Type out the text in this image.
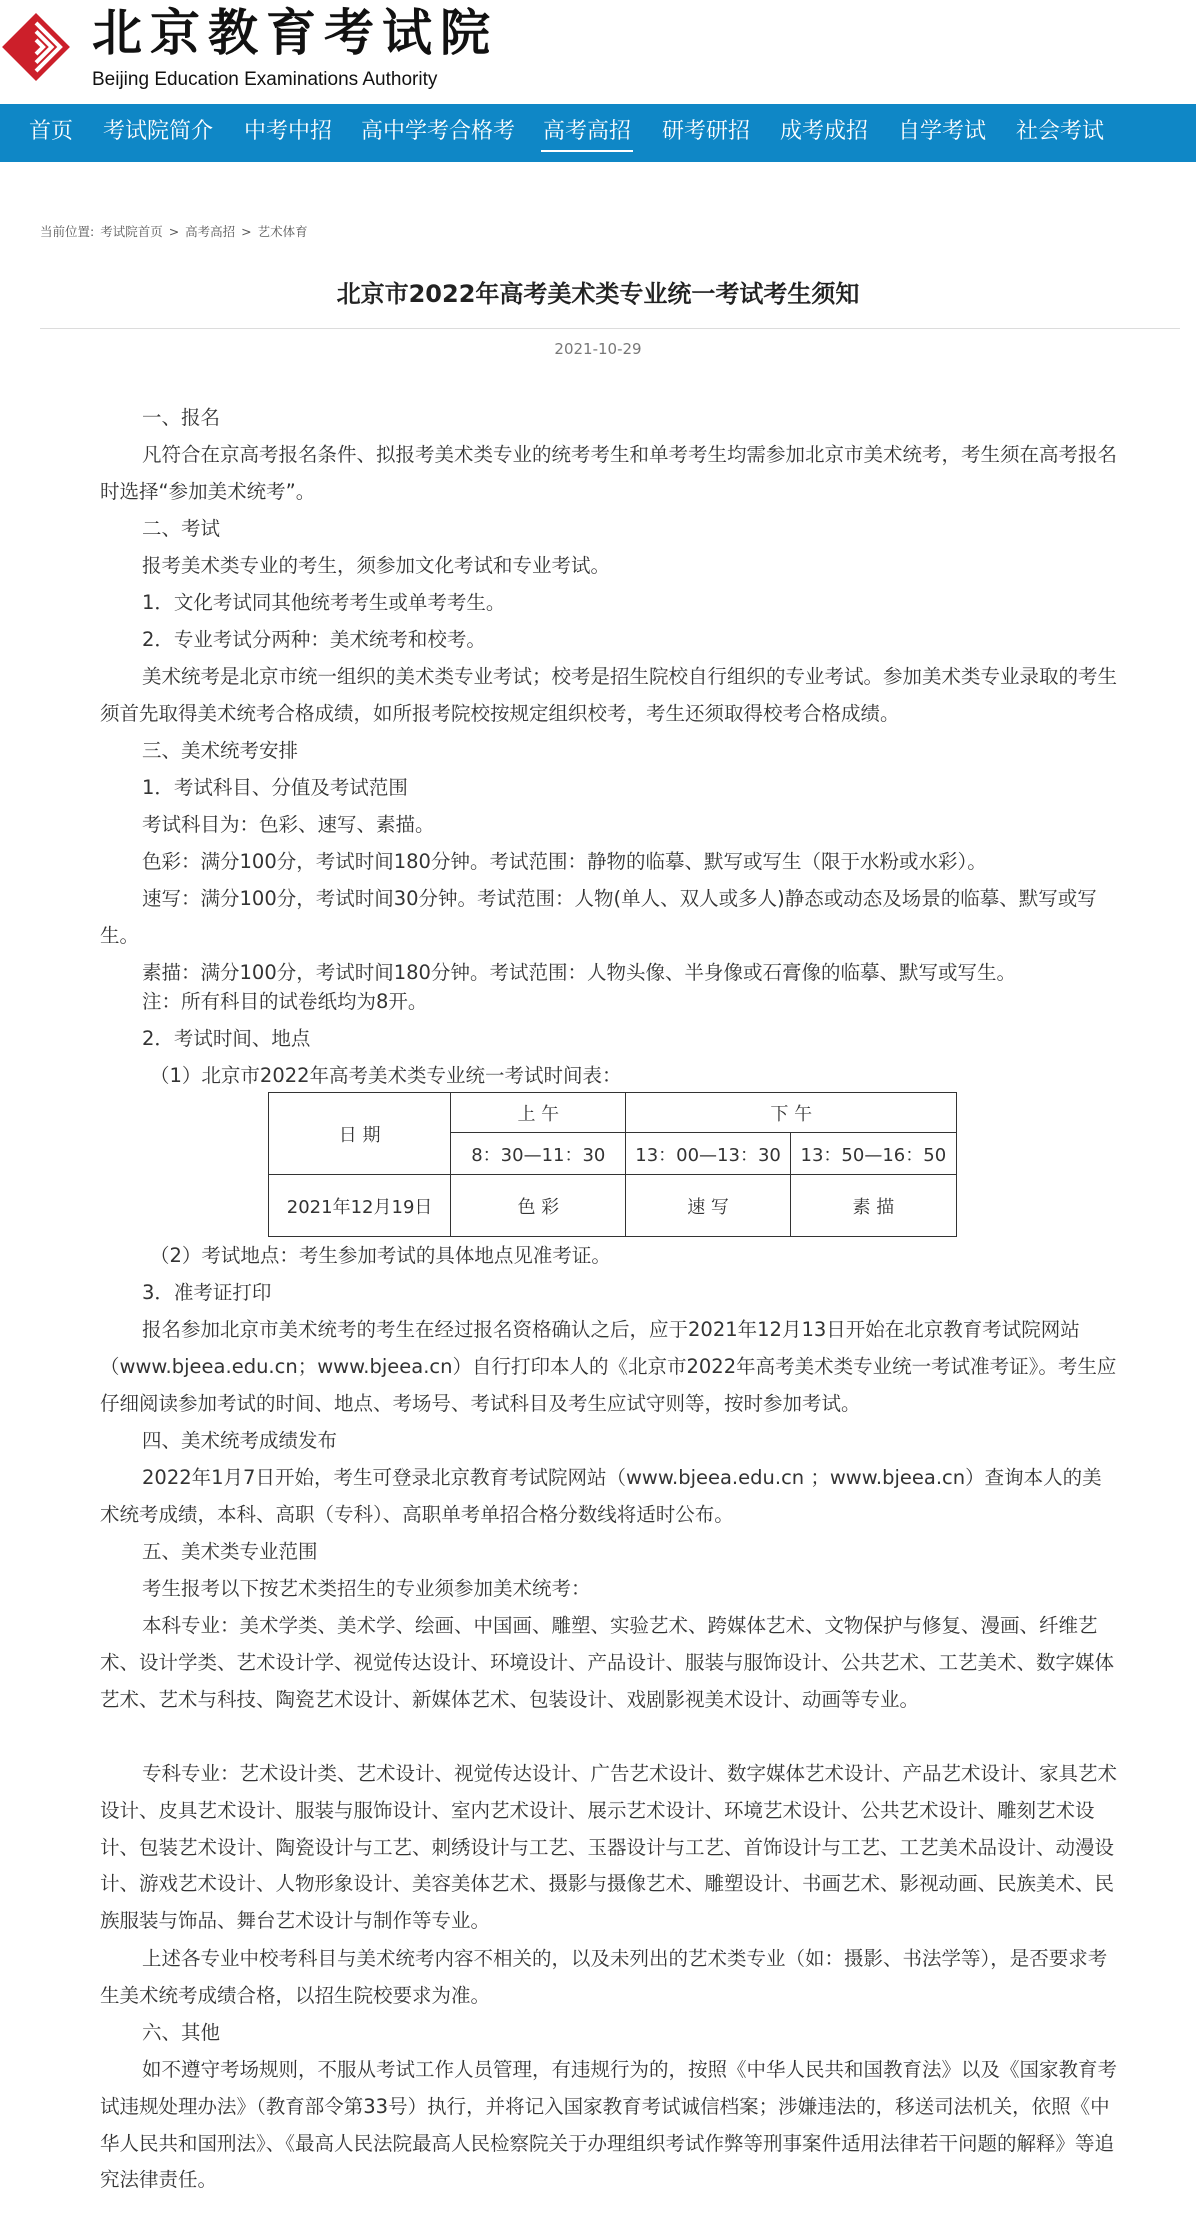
北京教育考试院
Beijing Education Examinations Authority
首页 考试院简介 中考中招 高中学考合格考 高考高招 研考研招 成考成招 自学考试 社会考试
当前位置: 考试院首页 > 高考高招 > 艺术体育
北京市2022年高考美术类专业统一考试考生须知
2021-10-29
一、报名
凡符合在京高考报名条件、拟报考美术类专业的统考考生和单考考生均需参加北京市美术统考，考生须在高考报名时选择“参加美术统考”。
二、考试
报考美术类专业的考生，须参加文化考试和专业考试。
1．文化考试同其他统考考生或单考考生。
2．专业考试分两种：美术统考和校考。
美术统考是北京市统一组织的美术类专业考试；校考是招生院校自行组织的专业考试。参加美术类专业录取的考生须首先取得美术统考合格成绩，如所报考院校按规定组织校考，考生还须取得校考合格成绩。
三、美术统考安排
1．考试科目、分值及考试范围
考试科目为：色彩、速写、素描。
色彩：满分100分，考试时间180分钟。考试范围：静物的临摹、默写或写生（限于水粉或水彩）。
速写：满分100分，考试时间30分钟。考试范围：人物(单人、双人或多人)静态或动态及场景的临摹、默写或写生。
素描：满分100分，考试时间180分钟。考试范围：人物头像、半身像或石膏像的临摹、默写或写生。
注：所有科目的试卷纸均为8开。
2．考试时间、地点
（1）北京市2022年高考美术类专业统一考试时间表：
日 期	上 午	下 午	
	8：30—11：30	13：00—13：30	13：50—16：50
2021年12月19日	色 彩	速 写	素 描
（2）考试地点：考生参加考试的具体地点见准考证。
3．准考证打印
报名参加北京市美术统考的考生在经过报名资格确认之后，应于2021年12月13日开始在北京教育考试院网站（www.bjeea.edu.cn；www.bjeea.cn）自行打印本人的《北京市2022年高考美术类专业统一考试准考证》。考生应仔细阅读参加考试的时间、地点、考场号、考试科目及考生应试守则等，按时参加考试。
四、美术统考成绩发布
2022年1月7日开始，考生可登录北京教育考试院网站（www.bjeea.edu.cn ；www.bjeea.cn）查询本人的美术统考成绩，本科、高职（专科）、高职单考单招合格分数线将适时公布。
五、美术类专业范围
考生报考以下按艺术类招生的专业须参加美术统考：
本科专业：美术学类、美术学、绘画、中国画、雕塑、实验艺术、跨媒体艺术、文物保护与修复、漫画、纤维艺术、设计学类、艺术设计学、视觉传达设计、环境设计、产品设计、服装与服饰设计、公共艺术、工艺美术、数字媒体艺术、艺术与科技、陶瓷艺术设计、新媒体艺术、包装设计、戏剧影视美术设计、动画等专业。
专科专业：艺术设计类、艺术设计、视觉传达设计、广告艺术设计、数字媒体艺术设计、产品艺术设计、家具艺术设计、皮具艺术设计、服装与服饰设计、室内艺术设计、展示艺术设计、环境艺术设计、公共艺术设计、雕刻艺术设计、包装艺术设计、陶瓷设计与工艺、刺绣设计与工艺、玉器设计与工艺、首饰设计与工艺、工艺美术品设计、动漫设计、游戏艺术设计、人物形象设计、美容美体艺术、摄影与摄像艺术、雕塑设计、书画艺术、影视动画、民族美术、民族服装与饰品、舞台艺术设计与制作等专业。
上述各专业中校考科目与美术统考内容不相关的，以及未列出的艺术类专业（如：摄影、书法学等），是否要求考生美术统考成绩合格，以招生院校要求为准。
六、其他
如不遵守考场规则，不服从考试工作人员管理，有违规行为的，按照《中华人民共和国教育法》以及《国家教育考试违规处理办法》（教育部令第33号）执行，并将记入国家教育考试诚信档案；涉嫌违法的，移送司法机关，依照《中华人民共和国刑法》、《最高人民法院最高人民检察院关于办理组织考试作弊等刑事案件适用法律若干问题的解释》等追究法律责任。
